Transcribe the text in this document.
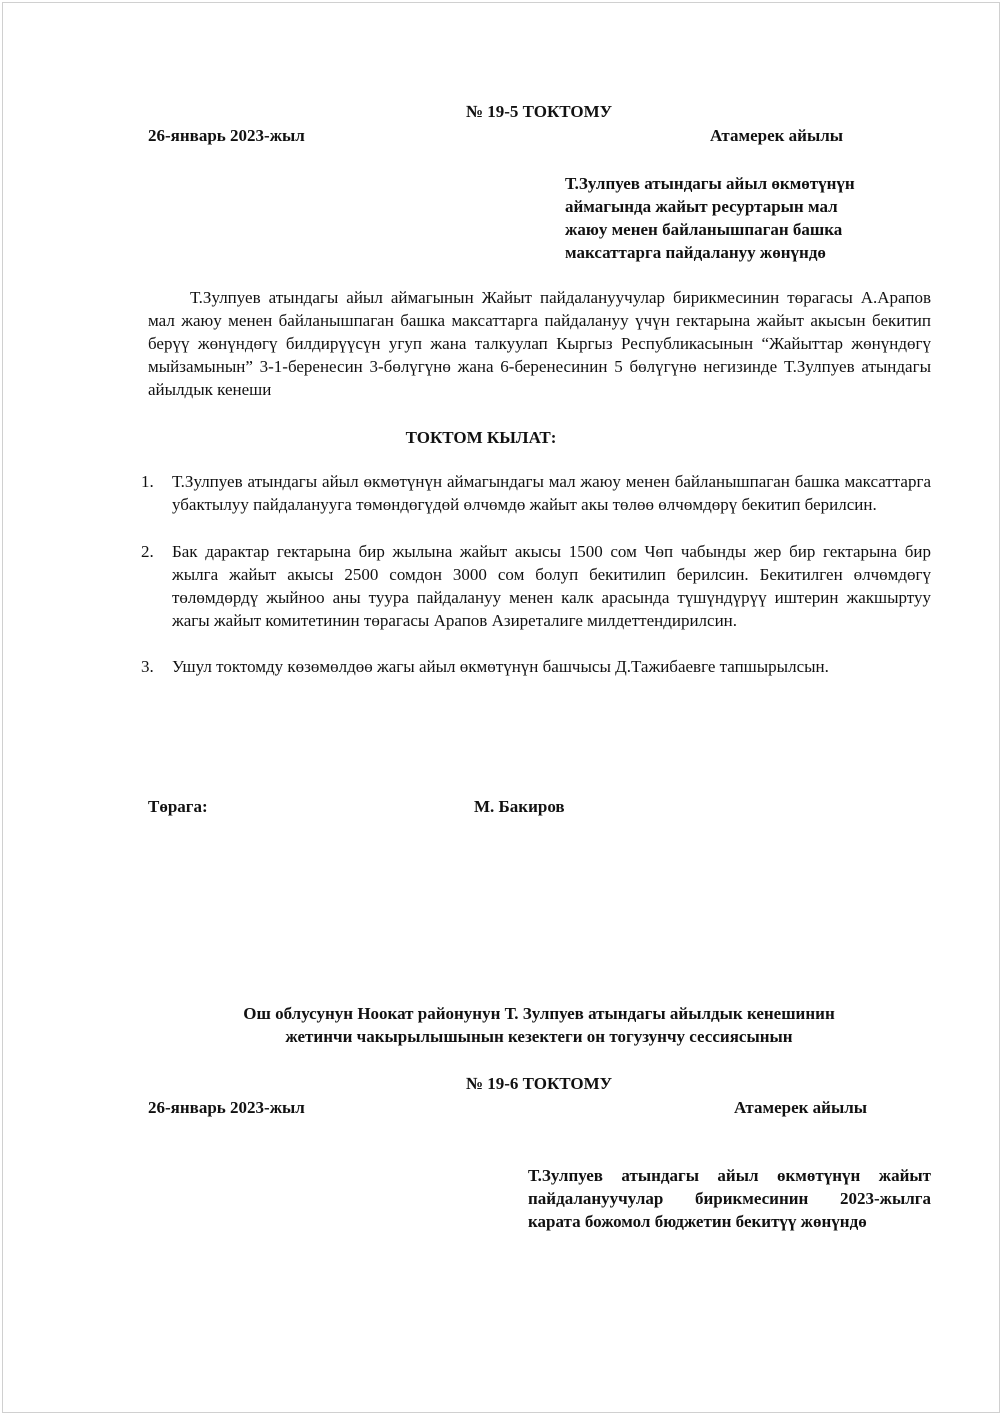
№ 19-5 ТОКТОМУ
26-январь 2023-жыл	Атамерек айылы
Т.Зулпуев атындагы айыл өкмөтүнүн
аймагында жайыт ресуртарын мал
жаюу менен байланышпаган башка
максаттарга пайдалануу жөнүндө
Т.Зулпуев атындагы айыл аймагынын Жайыт пайдалануучулар бирикмесинин төрагасы А.Арапов мал жаюу менен байланышпаган башка максаттарга пайдалануу үчүн гектарына жайыт акысын бекитип берүү жөнүндөгү билдирүүсүн угуп жана талкуулап Кыргыз Республикасынын “Жайыттар жөнүндөгү мыйзамынын” 3-1-беренесин 3-бөлүгүнө жана 6-беренесинин 5 бөлүгүнө негизинде Т.Зулпуев атындагы айылдык кенеши
ТОКТОМ КЫЛАТ:
1.	Т.Зулпуев атындагы айыл өкмөтүнүн аймагындагы мал жаюу менен байланышпаган башка максаттарга убактылуу пайдаланууга төмөндөгүдөй өлчөмдө жайыт акы төлөө өлчөмдөрү бекитип берилсин.
2.	Бак дарактар гектарына бир жылына жайыт акысы 1500 сом Чөп чабынды жер бир гектарына бир жылга жайыт акысы 2500 сомдон 3000 сом болуп бекитилип берилсин. Бекитилген өлчөмдөгү төлөмдөрдү жыйноо аны туура пайдалануу менен калк арасында түшүндүрүү иштерин жакшыртуу жагы жайыт комитетинин төрагасы Арапов Азирeталиге милдеттендирилсин.
3.	Ушул токтомду көзөмөлдөө жагы айыл өкмөтүнүн башчысы Д.Тажибаевге тапшырылсын.
Төрага:	М. Бакиров
Ош облусунун Ноокат районунун Т. Зулпуев атындагы айылдык кенешинин
жетинчи чакырылышынын кезектеги он тогузунчу сессиясынын
№ 19-6 ТОКТОМУ
26-январь 2023-жыл	Атамерек айылы
Т.Зулпуев атындагы айыл өкмөтүнүн жайыт пайдалануучулар бирикмесинин 2023-жылга карата божомол бюджетин бекитүү жөнүндө
